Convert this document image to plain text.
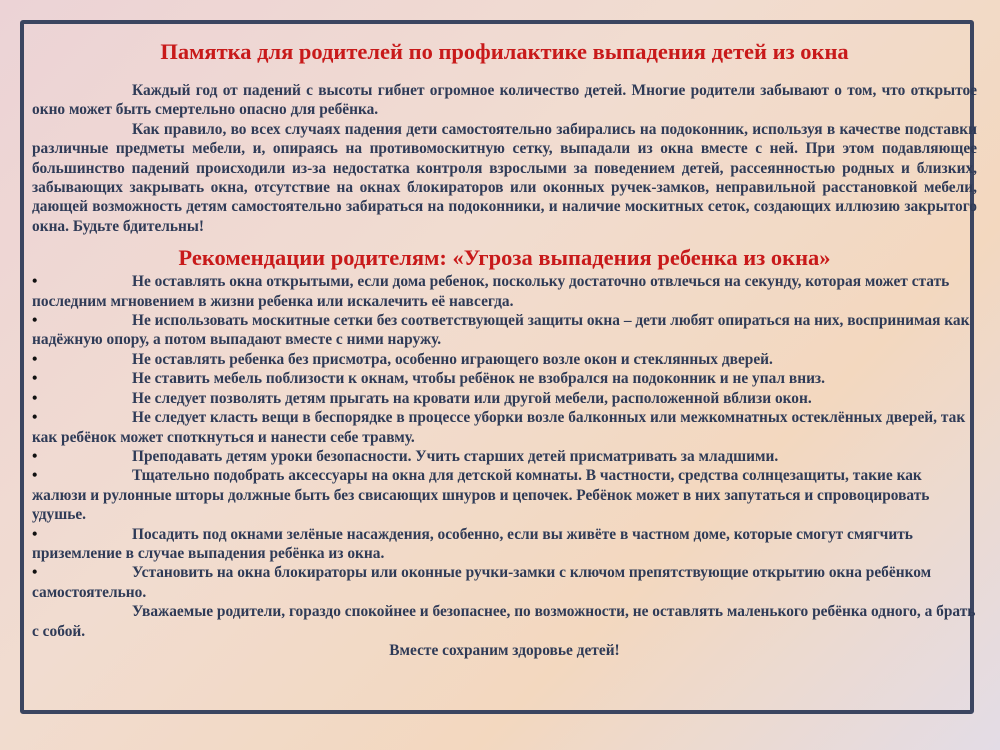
Памятка для родителей по профилактике выпадения детей из окна

Каждый год от падений с высоты гибнет огромное количество детей. Многие родители забывают о том, что открытое окно может быть смертельно опасно для ребёнка.

Как правило, во всех случаях падения дети самостоятельно забирались на подоконник, используя в качестве подставки различные предметы мебели, и, опираясь на противомоскитную сетку, выпадали из окна вместе с ней. При этом подавляющее большинство падений происходили из-за недостатка контроля взрослыми за поведением детей, рассеянностью родных и близких, забывающих закрывать окна, отсутствие на окнах блокираторов или оконных ручек-замков, неправильной расстановкой мебели, дающей возможность детям самостоятельно забираться на подоконники, и наличие москитных сеток, создающих иллюзию закрытого окна. Будьте бдительны!

Рекомендации родителям: «Угроза выпадения ребенка из окна»
•	Не оставлять окна открытыми, если дома ребенок, поскольку достаточно отвлечься на секунду, которая может стать последним мгновением в жизни ребенка или искалечить её навсегда.
•	Не использовать москитные сетки без соответствующей защиты окна – дети любят опираться на них, воспринимая как надёжную опору, а потом выпадают вместе с ними наружу.
•	Не оставлять ребенка без присмотра, особенно играющего возле окон и стеклянных дверей.
•	Не ставить мебель поблизости к окнам, чтобы ребёнок не взобрался на подоконник и не упал вниз.
•	Не следует позволять детям прыгать на кровати или другой мебели, расположенной вблизи окон.
•	Не следует класть вещи в беспорядке в процессе уборки возле балконных или межкомнатных остеклённых дверей, так как ребёнок может споткнуться и нанести себе травму.
•	Преподавать детям уроки безопасности. Учить старших детей присматривать за младшими.
•	Тщательно подобрать аксессуары на окна для детской комнаты. В частности, средства солнцезащиты, такие как жалюзи и рулонные шторы должные быть без свисающих шнуров и цепочек. Ребёнок может в них запутаться и спровоцировать удушье.
•	Посадить под окнами зелёные насаждения, особенно, если вы живёте в частном доме, которые смогут смягчить приземление в случае выпадения ребёнка из окна.
•	Установить на окна блокираторы или оконные ручки-замки с ключом препятствующие открытию окна ребёнком самостоятельно.

Уважаемые родители, гораздо спокойнее и безопаснее, по возможности, не оставлять маленького ребёнка одного, а брать с собой.

Вместе сохраним здоровье детей!
